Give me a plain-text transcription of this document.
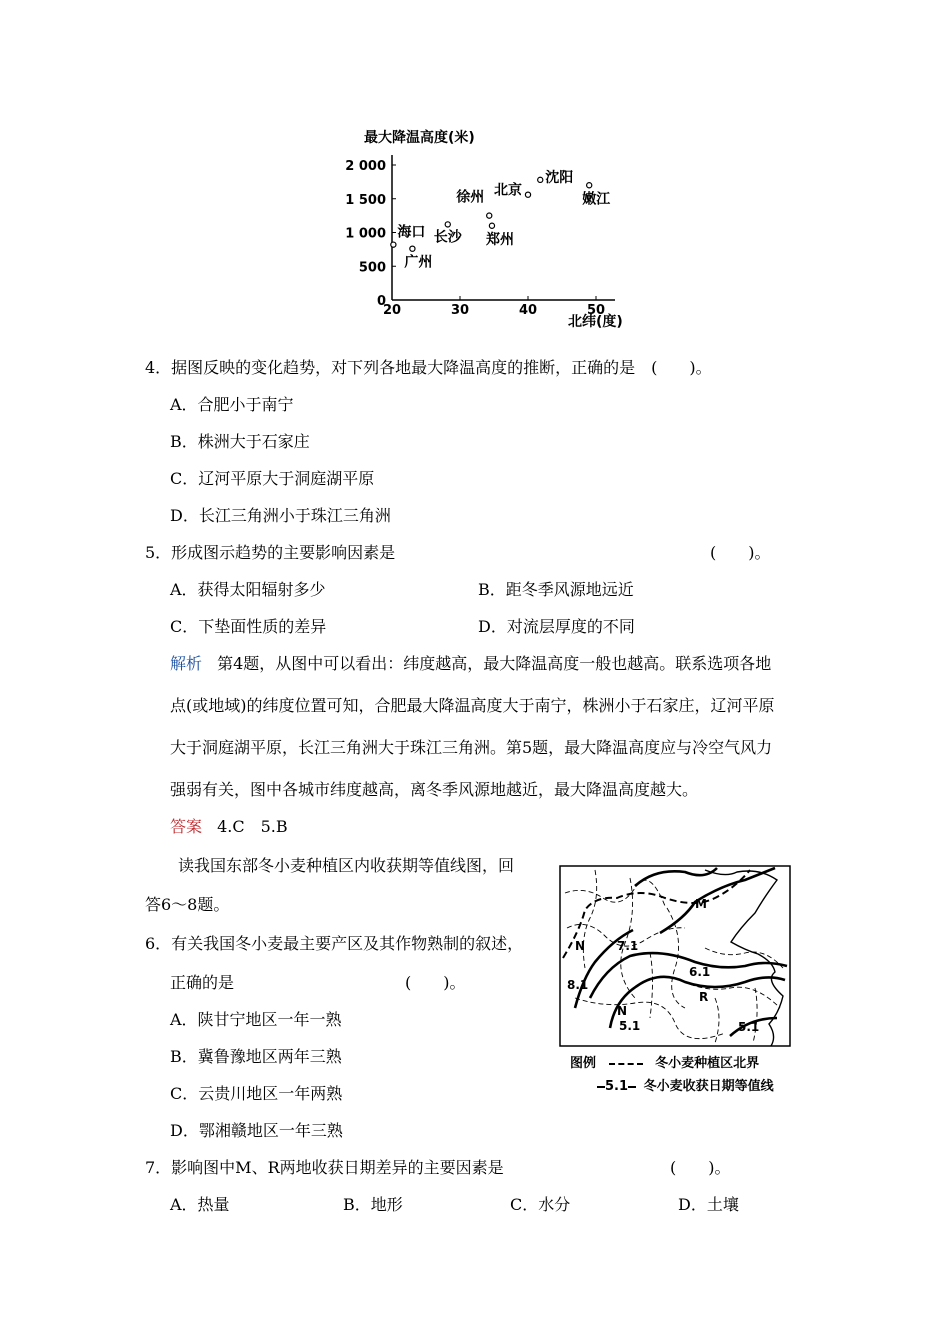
最大降温高度(米)
20	30	40	50
0
500
1 000
1 500
2 000
海口
广州
长沙
徐州
郑州
北京
沈阳
嫩江
北纬(度)
4．据图反映的变化趋势，对下列各地最大降温高度的推断，正确的是　(　　)。
A．合肥小于南宁
B．株洲大于石家庄
C．辽河平原大于洞庭湖平原
D．长江三角洲小于珠江三角洲
5．形成图示趋势的主要影响因素是	(　　)。
A．获得太阳辐射多少	B．距冬季风源地远近
C．下垫面性质的差异	D．对流层厚度的不同
解析 第4题，从图中可以看出：纬度越高，最大降温高度一般也越高。联系选项各地
点(或地域)的纬度位置可知，合肥最大降温高度大于南宁，株洲小于石家庄，辽河平原
大于洞庭湖平原，长江三角洲大于珠江三角洲。第5题，最大降温高度应与冷空气风力
强弱有关，图中各城市纬度越高，离冬季风源地越近，最大降温高度越大。
答案 4.C　5.B
读我国东部冬小麦种植区内收获期等值线图，回
答6～8题。
6．有关我国冬小麦最主要产区及其作物熟制的叙述，
正确的是	(　　)。
A．陕甘宁地区一年一熟
B．冀鲁豫地区两年三熟
C．云贵川地区一年两熟
D．鄂湘赣地区一年三熟
M
N	7.1
8.1
6.1
N
R
5.1	5.1
图例	冬小麦种植区北界
5.1 冬小麦收获日期等值线
7．影响图中M、R两地收获日期差异的主要因素是	(　　)。
A．热量	B．地形	C．水分	D．土壤
